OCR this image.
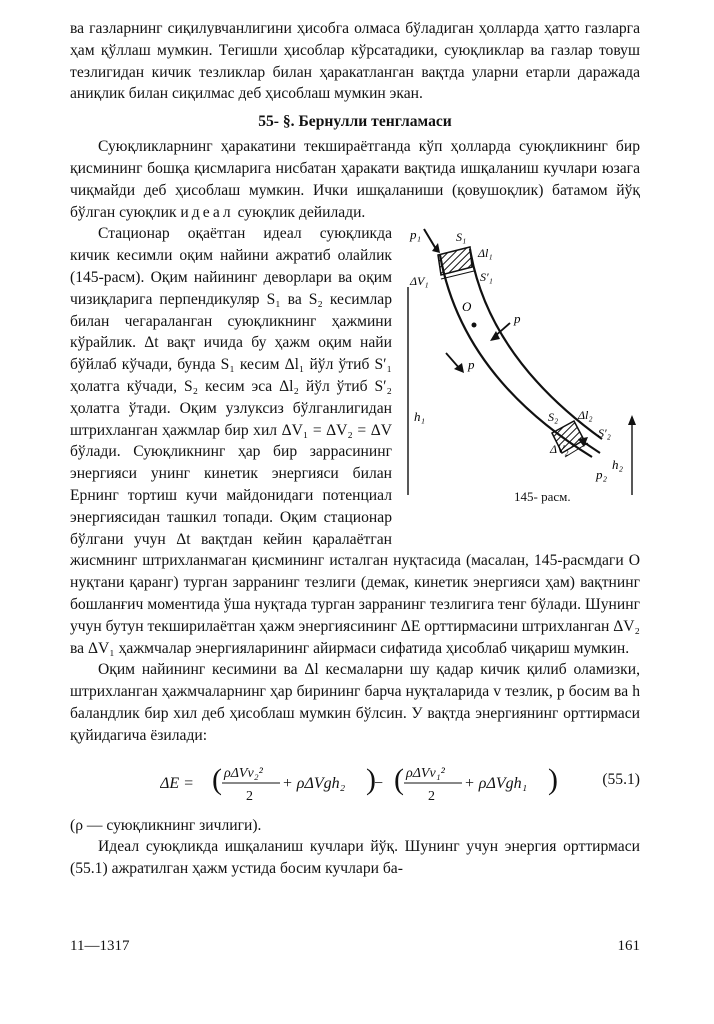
ва газларнинг сиқилувчанлигини ҳисобга олмаса бўладиган ҳолларда ҳатто газларга ҳам қўллаш мумкин. Тегишли ҳисоблар кўрсатадики, суюқликлар ва газлар товуш тезлигидан кичик тезликлар билан ҳаракатланган вақтда уларни етарли даражада аниқлик билан сиқилмас деб ҳисоблаш мумкин экан.

55- §. Бернулли тенгламаси

Суюқликларнинг ҳаракатини текшираётганда кўп ҳолларда суюқликнинг бир қисмининг бошқа қисмларига нисбатан ҳаракати вақтида ишқаланиш кучлари юзага чиқмайди деб ҳисоблаш мумкин. Ички ишқаланиши (қовушоқлик) батамом йўқ бўлган суюқлик идеал суюқлик дейилади.

p₁	S₁
Δl₁
S′₁
ΔV₁
O
p
p
S₂ Δl₂
S′₂
ΔV₂
p₂
h₁
h₂
145- расм.

Стационар оқаётган идеал суюқликда кичик кесимли оқим найини ажратиб олайлик (145-расм). Оқим найининг деворлари ва оқим чизиқларига перпендикуляр S₁ ва S₂ кесимлар билан чегараланган суюқликнинг ҳажмини кўрайлик. Δt вақт ичида бу ҳажм оқим найи бўйлаб кўчади, бунда S₁ кесим Δl₁ йўл ўтиб S′₁ ҳолатга кўчади, S₂ кесим эса Δl₂ йўл ўтиб S′₂ ҳолатга ўтади. Оқим узлуксиз бўлганлигидан штрихланган ҳажмлар бир хил ΔV₁ = ΔV₂ = ΔV бўлади. Суюқликнинг ҳар бир заррасининг энергияси унинг кинетик энергияси билан Ернинг тортиш кучи майдонидаги потенциал энергиясидан ташкил топади. Оқим стационар бўлгани учун Δt вақтдан кейин қаралаётган жисмнинг штрихланмаган қисмининг исталган нуқтасида (масалан, 145-расмдаги O нуқтани қаранг) турган зарранинг тезлиги (демак, кинетик энергияси ҳам) вақтнинг бошланғич моментида ўша нуқтада турган зарранинг тезлигига тенг бўлади. Шунинг учун бутун текширилаётган ҳажм энергиясининг ΔE орттирмасини штрихланган ΔV₂ ва ΔV₁ ҳажмчалар энергияларининг айирмаси сифатида ҳисоблаб чиқариш мумкин.

Оқим найининг кесимини ва Δl кесмаларни шу қадар кичик қилиб оламизки, штрихланган ҳажмчаларнинг ҳар бирининг барча нуқталарида v тезлик, p босим ва h баландлик бир хил деб ҳисоблаш мумкин бўлсин. У вақтда энергиянинг орттирмаси қуйидагича ёзилади:

ΔE = ( ρΔVv₂²
2
+ ρΔVgh₂ )
− ( ρΔVv₁²
2
+ ρΔVgh₁ )	(55.1)

(ρ — суюқликнинг зичлиги).

Идеал суюқликда ишқаланиш кучлари йўқ. Шунинг учун энергия орттирмаси (55.1) ажратилган ҳажм устида босим кучлари ба-

11—1317	161
